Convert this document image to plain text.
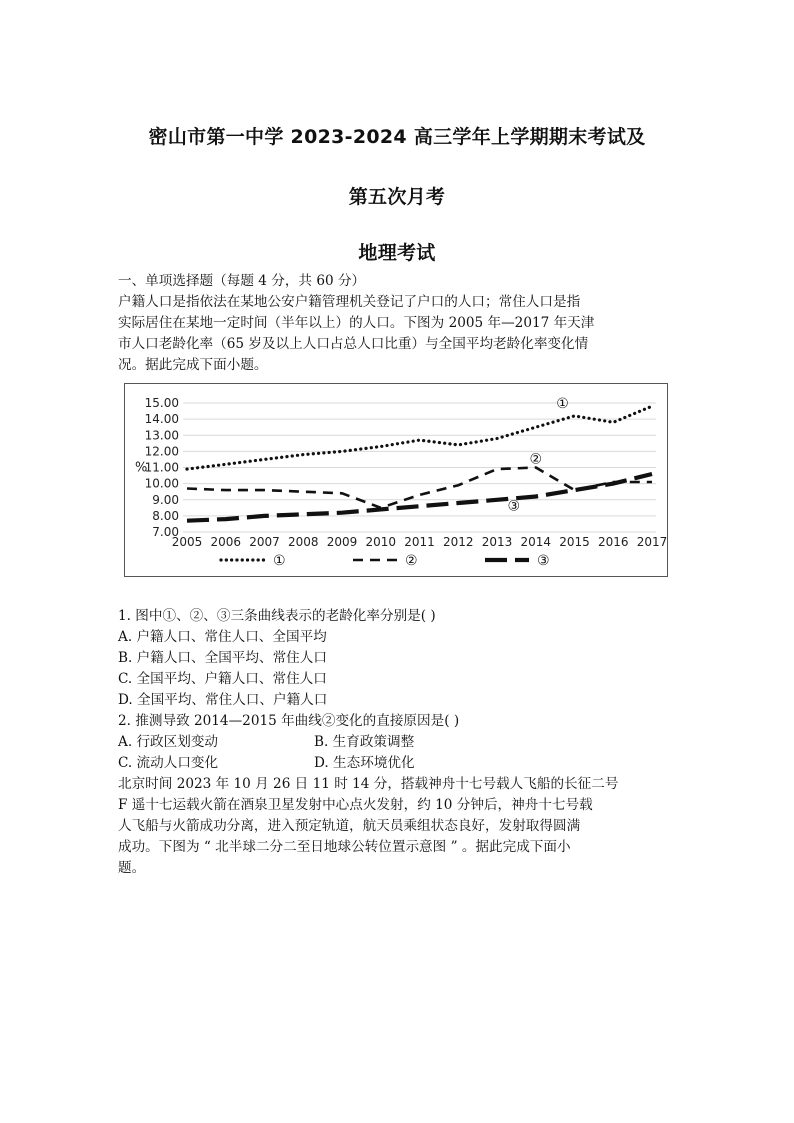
密山市第一中学 2023-2024 高三学年上学期期末考试及
第五次月考
地理考试
一、单项选择题（每题 4 分，共 60 分）
户籍人口是指依法在某地公安户籍管理机关登记了户口的人口；常住人口是指
实际居住在某地一定时间（半年以上）的人口。下图为 2005 年—2017 年天津
市人口老龄化率（65 岁及以上人口占总人口比重）与全国平均老龄化率变化情
况。据此完成下面小题。
15.00
14.00
13.00
12.00
11.00
10.00
9.00
8.00
7.00
%
2005 2006 2007 2008 2009 2010 2011 2012 2013 2014 2015 2016 2017
①
②
③
①	②	③
1. 图中①、②、③三条曲线表示的老龄化率分别是( )
A. 户籍人口、常住人口、全国平均
B. 户籍人口、全国平均、常住人口
C. 全国平均、户籍人口、常住人口
D. 全国平均、常住人口、户籍人口
2. 推测导致 2014—2015 年曲线②变化的直接原因是( )
A. 行政区划变动	B. 生育政策调整
C. 流动人口变化	D. 生态环境优化
北京时间 2023 年 10 月 26 日 11 时 14 分，搭载神舟十七号载人飞船的长征二号
F 遥十七运载火箭在酒泉卫星发射中心点火发射，约 10 分钟后，神舟十七号载
人飞船与火箭成功分离，进入预定轨道，航天员乘组状态良好，发射取得圆满
成功。下图为 “ 北半球二分二至日地球公转位置示意图 ” 。据此完成下面小
题。
